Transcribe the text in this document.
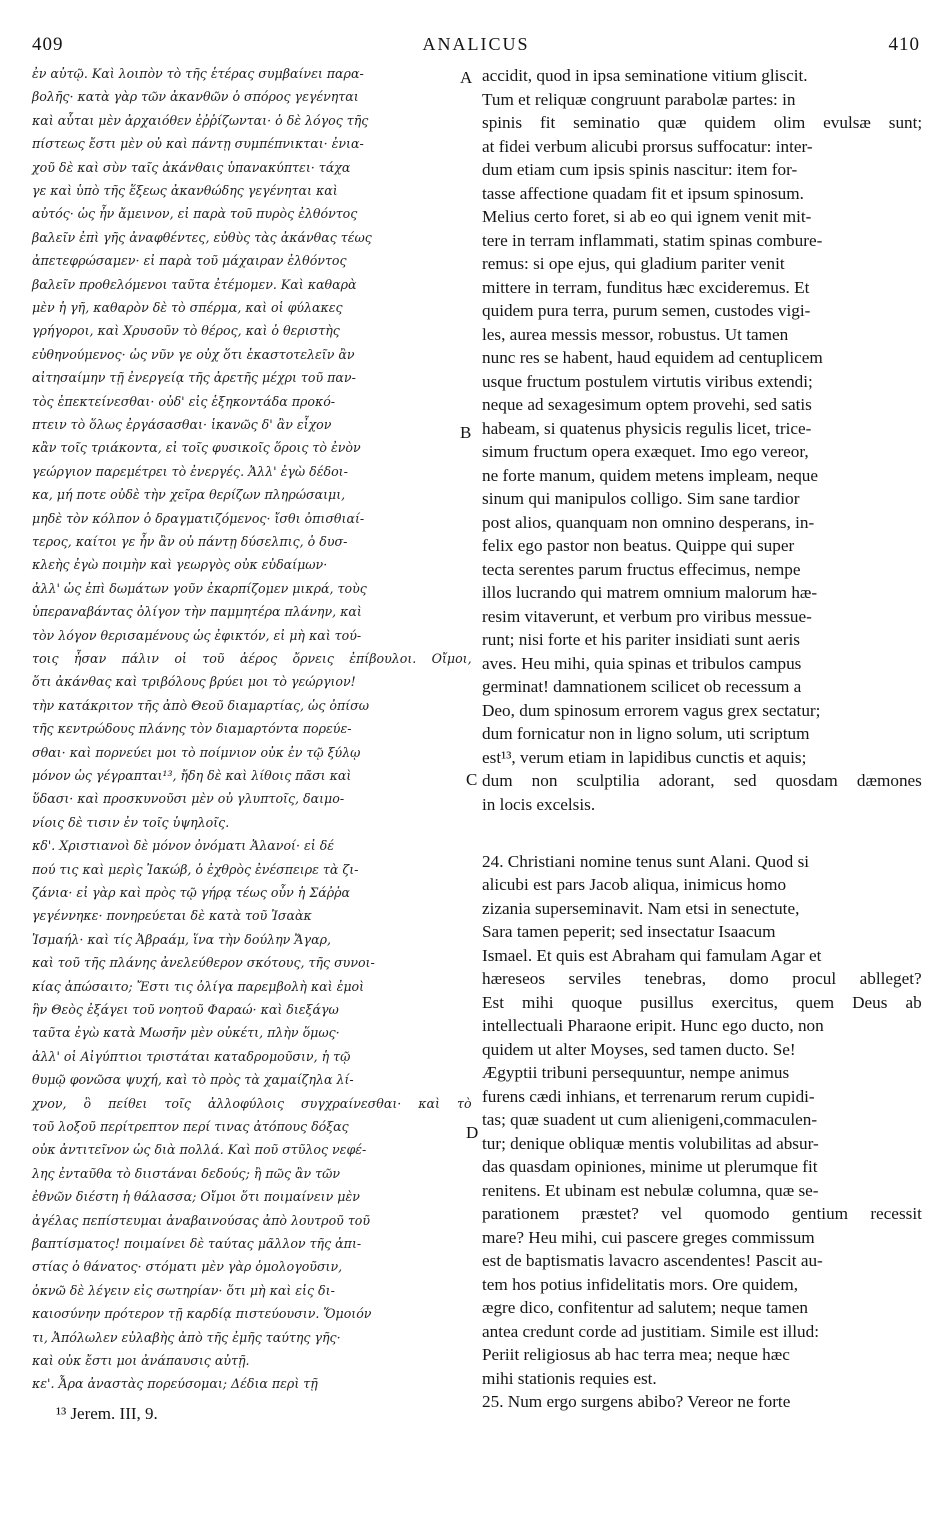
409	ANALICUS	410
ἐν αὐτῷ. Καὶ λοιπὸν τὸ τῆς ἑτέρας συμβαίνει παρα-
βολῆς· κατὰ γὰρ τῶν ἀκανθῶν ὁ σπόρος γεγένηται
καὶ αὗται μὲν ἀρχαιόθεν ἐῤῥίζωνται· ὁ δὲ λόγος τῆς
πίστεως ἔστι μὲν οὐ καὶ πάντῃ συμπέπνικται· ἐνια-
χοῦ δὲ καὶ σὺν ταῖς ἀκάνθαις ὑπανακύπτει· τάχα
γε καὶ ὑπὸ τῆς ἕξεως ἀκανθώδης γεγένηται καὶ
αὐτός· ὡς ἦν ἄμεινον, εἰ παρὰ τοῦ πυρὸς ἐλθόντος
βαλεῖν ἐπὶ γῆς ἀναφθέντες, εὐθὺς τὰς ἀκάνθας τέως
ἀπετεφρώσαμεν· εἰ παρὰ τοῦ μάχαιραν ἐλθόντος
βαλεῖν προθελόμενοι ταῦτα ἐτέμομεν. Καὶ καθαρὰ
μὲν ἡ γῆ, καθαρὸν δὲ τὸ σπέρμα, καὶ οἱ φύλακες
γρήγοροι, καὶ Χρυσοῦν τὸ θέρος, καὶ ὁ θεριστὴς
εὐθηνούμενος· ὡς νῦν γε οὐχ ὅτι ἑκαστοτελεῖν ἂν
αἰτησαίμην τῇ ἐνεργείᾳ τῆς ἀρετῆς μέχρι τοῦ παν-
τὸς ἐπεκτείνεσθαι· οὐδ' εἰς ἑξηκοντάδα προκό-
πτειν τὸ ὅλως ἐργάσασθαι· ἱκανῶς δ' ἂν εἶχον
κἂν τοῖς τριάκοντα, εἰ τοῖς φυσικοῖς ὅροις τὸ ἐνὸν
γεώργιον παρεμέτρει τὸ ἐνεργές. Ἀλλ' ἐγὼ δέδοι-
κα, μή ποτε οὐδὲ τὴν χεῖρα θερίζων πληρώσαιμι,
μηδὲ τὸν κόλπον ὁ δραγματιζόμενος· ἴσθι ὀπισθιαί-
τερος, καίτοι γε ἦν ἂν οὐ πάντῃ δύσελπις, ὁ δυσ-
κλεὴς ἐγὼ ποιμὴν καὶ γεωργὸς οὐκ εὐδαίμων·
ἀλλ' ὡς ἐπὶ δωμάτων γοῦν ἐκαρπίζομεν μικρά, τοὺς
ὑπεραναβάντας ὀλίγον τὴν παμμητέρα πλάνην, καὶ
τὸν λόγον θερισαμένους ὡς ἐφικτόν, εἰ μὴ καὶ τού-
τοις ἦσαν πάλιν οἱ τοῦ ἀέρος ὄρνεις ἐπίβουλοι. Οἴμοι,
ὅτι ἀκάνθας καὶ τριβόλους βρύει μοι τὸ γεώργιον!
τὴν κατάκριτον τῆς ἀπὸ Θεοῦ διαμαρτίας, ὡς ὀπίσω
τῆς κεντρώδους πλάνης τὸν διαμαρτόντα πορεύε-
σθαι· καὶ πορνεύει μοι τὸ ποίμνιον οὐκ ἐν τῷ ξύλῳ
μόνον ὡς γέγραπται¹³, ἤδη δὲ καὶ λίθοις πᾶσι καὶ
ὕδασι· καὶ προσκυνοῦσι μὲν οὐ γλυπτοῖς, δαιμο-
νίοις δὲ τισιν ἐν τοῖς ὑψηλοῖς.
κδ'. Χριστιανοὶ δὲ μόνον ὀνόματι Ἀλανοί· εἰ δέ
πού τις καὶ μερὶς Ἰακώβ, ὁ ἐχθρὸς ἐνέσπειρε τὰ ζι-
ζάνια· εἰ γὰρ καὶ πρὸς τῷ γήρᾳ τέως οὖν ἡ Σάῤῥα
γεγέννηκε· πονηρεύεται δὲ κατὰ τοῦ Ἰσαὰκ
Ἰσμαήλ· καὶ τίς Ἀβραάμ, ἵνα τὴν δούλην Ἄγαρ,
καὶ τοῦ τῆς πλάνης ἀνελεύθερον σκότους, τῆς συνοι-
κίας ἀπώσαιτο; Ἔστι τις ὀλίγα παρεμβολὴ καὶ ἐμοὶ
ἣν Θεὸς ἐξάγει τοῦ νοητοῦ Φαραώ· καὶ διεξάγω
ταῦτα ἐγὼ κατὰ Μωσῆν μὲν οὐκέτι, πλὴν ὅμως·
ἀλλ' οἱ Αἰγύπτιοι τριστάται καταδρομοῦσιν, ἡ τῷ
θυμῷ φονῶσα ψυχή, καὶ τὸ πρὸς τὰ χαμαίζηλα λί-
χνον, ὃ πείθει τοῖς ἀλλοφύλοις συγχραίνεσθαι· καὶ τὸ
τοῦ λοξοῦ περίτρεπτον περί τινας ἀτόπους δόξας
οὐκ ἀντιτεῖνον ὡς διὰ πολλά. Καὶ ποῦ στῦλος νεφέ-
λης ἐνταῦθα τὸ διιστάναι δεδούς; ἢ πῶς ἂν τῶν
ἐθνῶν διέστη ἡ θάλασσα; Οἴμοι ὅτι ποιμαίνειν μὲν
ἀγέλας πεπίστευμαι ἀναβαινούσας ἀπὸ λουτροῦ τοῦ
βαπτίσματος! ποιμαίνει δὲ ταύτας μᾶλλον τῆς ἀπι-
στίας ὁ θάνατος· στόματι μὲν γὰρ ὁμολογοῦσιν,
ὀκνῶ δὲ λέγειν εἰς σωτηρίαν· ὅτι μὴ καὶ εἰς δι-
καιοσύνην πρότερον τῇ καρδίᾳ πιστεύουσιν. Ὅμοιόν
τι, Ἀπόλωλεν εὐλαβὴς ἀπὸ τῆς ἐμῆς ταύτης γῆς·
καὶ οὐκ ἔστι μοι ἀνάπαυσις αὐτῇ.
κε'. Ἆρα ἀναστὰς πορεύσομαι; Δέδια περὶ τῇ
accidit, quod in ipsa seminatione vitium gliscit.
Tum et reliquæ congruunt parabolæ partes: in
spinis fit seminatio quæ quidem olim evulsæ sunt;
at fidei verbum alicubi prorsus suffocatur: inter-
dum etiam cum ipsis spinis nascitur: item for-
tasse affectione quadam fit et ipsum spinosum.
Melius certo foret, si ab eo qui ignem venit mit-
tere in terram inflammati, statim spinas combure-
remus: si ope ejus, qui gladium pariter venit
mittere in terram, funditus hæc excideremus. Et
quidem pura terra, purum semen, custodes vigi-
les, aurea messis messor, robustus. Ut tamen
nunc res se habent, haud equidem ad centuplicem
usque fructum postulem virtutis viribus extendi;
neque ad sexagesimum optem provehi, sed satis
habeam, si quatenus physicis regulis licet, trice-
simum fructum opera exæquet. Imo ego vereor,
ne forte manum, quidem metens impleam, neque
sinum qui manipulos colligo. Sim sane tardior
post alios, quanquam non omnino desperans, in-
felix ego pastor non beatus. Quippe qui super
tecta serentes parum fructus effecimus, nempe
illos lucrando qui matrem omnium malorum hæ-
resim vitaverunt, et verbum pro viribus messue-
runt; nisi forte et his pariter insidiati sunt aeris
aves. Heu mihi, quia spinas et tribulos campus
germinat! damnationem scilicet ob recessum a
Deo, dum spinosum errorem vagus grex sectatur;
dum fornicatur non in ligno solum, uti scriptum
est¹³, verum etiam in lapidibus cunctis et aquis;
dum non sculptilia adorant, sed quosdam dæmones
in locis excelsis.
24. Christiani nomine tenus sunt Alani. Quod si
alicubi est pars Jacob aliqua, inimicus homo
zizania superseminavit. Nam etsi in senectute,
Sara tamen peperit; sed insectatur Isaacum
Ismael. Et quis est Abraham qui famulam Agar et
hæreseos serviles tenebras, domo procul ablleget?
Est mihi quoque pusillus exercitus, quem Deus ab
intellectuali Pharaone eripit. Hunc ego ducto, non
quidem ut alter Moyses, sed tamen ducto. Se!
Ægyptii tribuni persequuntur, nempe animus
furens cædi inhians, et terrenarum rerum cupidi-
tas; quæ suadent ut cum alienigeni,commaculen-
tur; denique obliquæ mentis volubilitas ad absur-
das quasdam opiniones, minime ut plerumque fit
renitens. Et ubinam est nebulæ columna, quæ se-
parationem præstet? vel quomodo gentium recessit
mare? Heu mihi, cui pascere greges commissum
est de baptismatis lavacro ascendentes! Pascit au-
tem hos potius infidelitatis mors. Ore quidem,
ægre dico, confitentur ad salutem; neque tamen
antea credunt corde ad justitiam. Simile est illud:
Periit religiosus ab hac terra mea; neque hæc
mihi stationis requies est.
25. Num ergo surgens abibo? Vereor ne forte
A
B
C
D
¹³ Jerem. III, 9.
